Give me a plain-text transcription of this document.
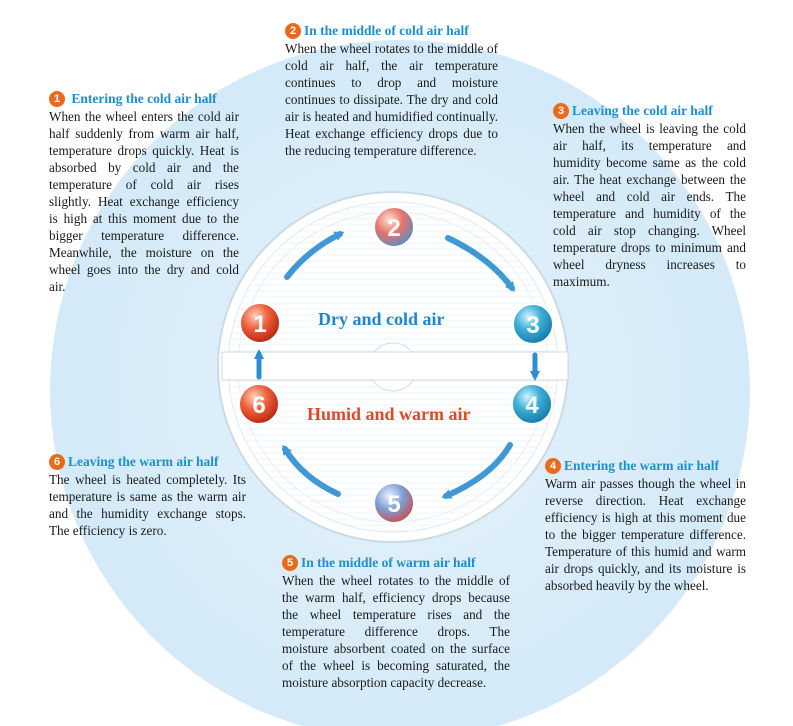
1
2
3
4
5
6
Dry and cold air
Humid and warm air
1 Entering the cold air half
When the wheel enters the cold air half suddenly from warm air half, temperature drops quickly. Heat is absorbed by cold air and the temperature of cold air rises slightly. Heat exchange efficiency is high at this moment due to the bigger temperature difference. Meanwhile, the moisture on the wheel goes into the dry and cold air.
2 In the middle of cold air half
When the wheel rotates to the middle of cold air half, the air temperature continues to drop and moisture continues to dissipate. The dry and cold air is heated and humidified continually. Heat exchange efficiency drops due to the reducing temperature difference.
3 Leaving the cold air half
When the wheel is leaving the cold air half, its temperature and humidity become same as the cold air. The heat exchange between the wheel and cold air ends. The temperature and humidity of the cold air stop changing. Wheel temperature drops to minimum and wheel dryness increases to maximum.
4 Entering the warm air half
Warm air passes though the wheel in reverse direction. Heat exchange efficiency is high at this moment due to the bigger temperature difference. Temperature of this humid and warm air drops quickly, and its moisture is absorbed heavily by the wheel.
5 In the middle of warm air half
When the wheel rotates to the middle of the warm half, efficiency drops because the wheel temperature rises and the temperature difference drops. The moisture absorbent coated on the surface of the wheel is becoming saturated, the moisture absorption capacity decrease.
6 Leaving the warm air half
The wheel is heated completely. Its temperature is same as the warm air and the humidity exchange stops. The efficiency is zero.
